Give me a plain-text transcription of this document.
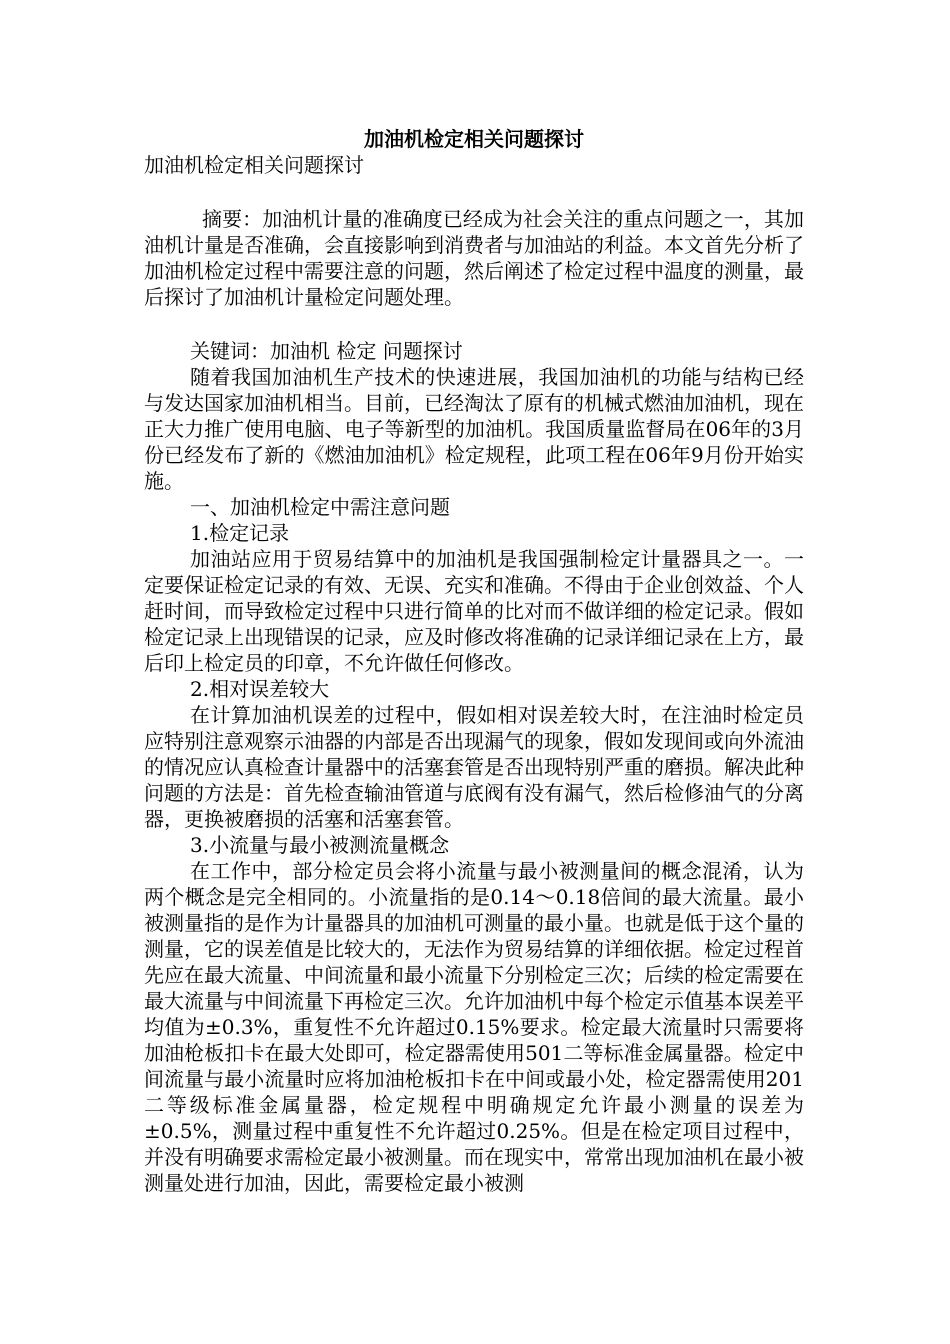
加油机检定相关问题探讨

加油机检定相关问题探讨

摘要：加油机计量的准确度已经成为社会关注的重点问题之一，其加油机计量是否准确，会直接影响到消费者与加油站的利益。本文首先分析了加油机检定过程中需要注意的问题，然后阐述了检定过程中温度的测量，最后探讨了加油机计量检定问题处理。

关键词：加油机 检定 问题探讨

随着我国加油机生产技术的快速进展，我国加油机的功能与结构已经与发达国家加油机相当。目前，已经淘汰了原有的机械式燃油加油机，现在正大力推广使用电脑、电子等新型的加油机。我国质量监督局在06年的3月份已经发布了新的《燃油加油机》检定规程，此项工程在06年9月份开始实施。

一、加油机检定中需注意问题

1.检定记录

加油站应用于贸易结算中的加油机是我国强制检定计量器具之一。一定要保证检定记录的有效、无误、充实和准确。不得由于企业创效益、个人赶时间，而导致检定过程中只进行简单的比对而不做详细的检定记录。假如检定记录上出现错误的记录，应及时修改将准确的记录详细记录在上方，最后印上检定员的印章，不允许做任何修改。

2.相对误差较大

在计算加油机误差的过程中，假如相对误差较大时，在注油时检定员应特别注意观察示油器的内部是否出现漏气的现象，假如发现间或向外流油的情况应认真检查计量器中的活塞套管是否出现特别严重的磨损。解决此种问题的方法是：首先检查输油管道与底阀有没有漏气，然后检修油气的分离器，更换被磨损的活塞和活塞套管。

3.小流量与最小被测流量概念

在工作中，部分检定员会将小流量与最小被测量间的概念混淆，认为两个概念是完全相同的。小流量指的是0.14～0.18倍间的最大流量。最小被测量指的是作为计量器具的加油机可测量的最小量。也就是低于这个量的测量，它的误差值是比较大的，无法作为贸易结算的详细依据。检定过程首先应在最大流量、中间流量和最小流量下分别检定三次；后续的检定需要在最大流量与中间流量下再检定三次。允许加油机中每个检定示值基本误差平均值为±0.3%，重复性不允许超过0.15%要求。检定最大流量时只需要将加油枪板扣卡在最大处即可，检定器需使用501二等标准金属量器。检定中间流量与最小流量时应将加油枪板扣卡在中间或最小处，检定器需使用201二等级标准金属量器，检定规程中明确规定允许最小测量的误差为±0.5%，测量过程中重复性不允许超过0.25%。但是在检定项目过程中，并没有明确要求需检定最小被测量。而在现实中，常常出现加油机在最小被测量处进行加油，因此，需要检定最小被测
